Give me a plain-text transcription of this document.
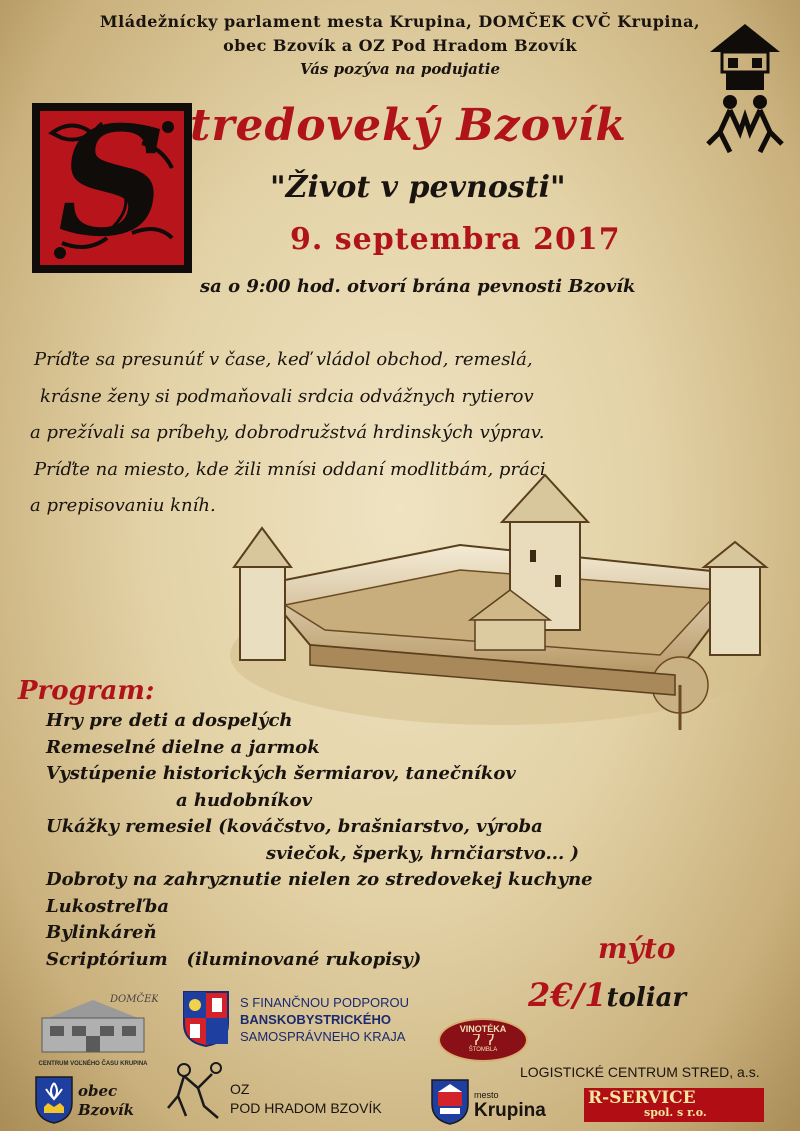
Mládežnícky parlament mesta Krupina, DOMČEK CVČ Krupina,
obec Bzovík a OZ Pod Hradom Bzovík
Vás pozýva na podujatie
S tredoveký Bzovík
"Život v pevnosti"
9. septembra 2017
sa o 9:00 hod. otvorí brána pevnosti Bzovík
Príďte sa presunúť v čase, keď vládol obchod, remeslá,
krásne ženy si podmaňovali srdcia odvážnych rytierov
a prežívali sa príbehy, dobrodružstvá hrdinských výprav.
Príďte na miesto, kde žili mnísi oddaní modlitbám, práci
a prepisovaniu kníh.
Program:
Hry pre deti a dospelých
Remeselné dielne a jarmok
Vystúpenie historických šermiarov, tanečníkov
a hudobníkov
Ukážky remesiel (kováčstvo, brašniarstvo, výroba
sviečok, šperky, hrnčiarstvo... )
Dobroty na zahryznutie nielen zo stredovekej kuchyne
Lukostreľba
Bylinkáreň
Scriptórium   (iluminované rukopisy)	mýto
2€/1toliar
DOMČEK
CENTRUM VOĽNÉHO ČASU KRUPINA
S FINANČNOU PODPOROU
BANSKOBYSTRICKÉHO
SAMOSPRÁVNEHO KRAJA	VINOTÉKA
ŠTOMBLA
obec
Bzovík
OZ
POD HRADOM BZOVÍK
mesto
Krupina
LOGISTICKÉ CENTRUM STRED, a.s.
R-SERVICE
spol. s r.o.
